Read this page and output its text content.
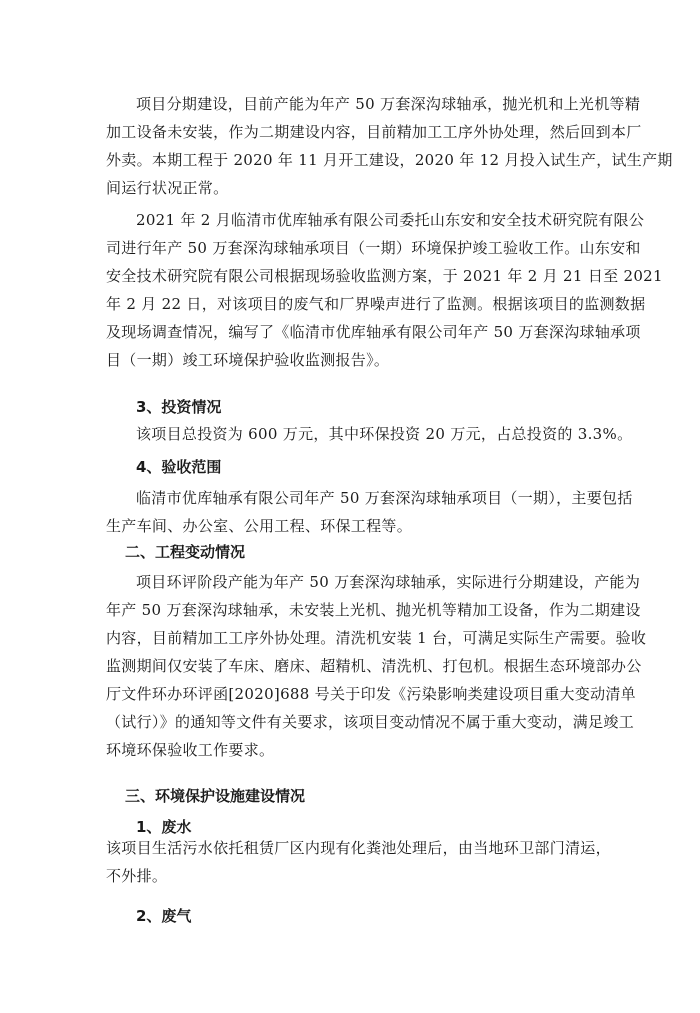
项目分期建设，目前产能为年产 50 万套深沟球轴承，抛光机和上光机等精
加工设备未安装，作为二期建设内容，目前精加工工序外协处理，然后回到本厂
外卖。本期工程于 2020 年 11 月开工建设，2020 年 12 月投入试生产，试生产期
间运行状况正常。
2021 年 2 月临清市优库轴承有限公司委托山东安和安全技术研究院有限公
司进行年产 50 万套深沟球轴承项目（一期）环境保护竣工验收工作。山东安和
安全技术研究院有限公司根据现场验收监测方案，于 2021 年 2 月 21 日至 2021
年 2 月 22 日，对该项目的废气和厂界噪声进行了监测。根据该项目的监测数据
及现场调查情况，编写了《临清市优库轴承有限公司年产 50 万套深沟球轴承项
目（一期）竣工环境保护验收监测报告》。
3、投资情况
该项目总投资为 600 万元，其中环保投资 20 万元，占总投资的 3.3%。
4、验收范围
临清市优库轴承有限公司年产 50 万套深沟球轴承项目（一期），主要包括
生产车间、办公室、公用工程、环保工程等。
二、工程变动情况
项目环评阶段产能为年产 50 万套深沟球轴承，实际进行分期建设，产能为
年产 50 万套深沟球轴承，未安装上光机、抛光机等精加工设备，作为二期建设
内容，目前精加工工序外协处理。清洗机安装 1 台，可满足实际生产需要。验收
监测期间仅安装了车床、磨床、超精机、清洗机、打包机。根据生态环境部办公
厅文件环办环评函[2020]688 号关于印发《污染影响类建设项目重大变动清单
（试行）》的通知等文件有关要求，该项目变动情况不属于重大变动，满足竣工
环境环保验收工作要求。
三、环境保护设施建设情况
1、废水
该项目生活污水依托租赁厂区内现有化粪池处理后，由当地环卫部门清运，
不外排。
2、废气
